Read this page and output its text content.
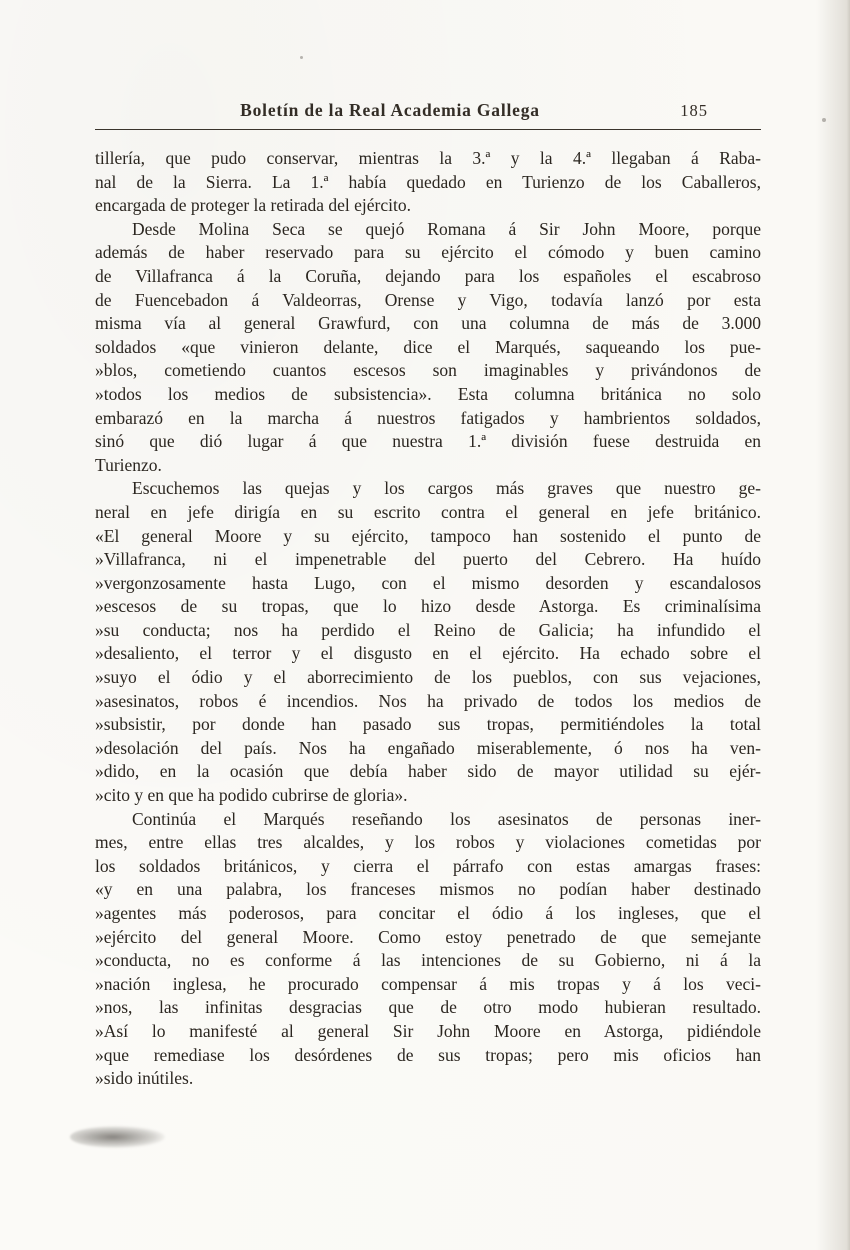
Boletín de la Real Academia Gallega	185
tillería, que pudo conservar, mientras la 3.ª y la 4.ª llegaban á Raba-
nal de la Sierra. La 1.ª había quedado en Turienzo de los Caballeros,
encargada de proteger la retirada del ejército.
Desde Molina Seca se quejó Romana á Sir John Moore, porque
además de haber reservado para su ejército el cómodo y buen camino
de Villafranca á la Coruña, dejando para los españoles el escabroso
de Fuencebadon á Valdeorras, Orense y Vigo, todavía lanzó por esta
misma vía al general Grawfurd, con una columna de más de 3.000
soldados «que vinieron delante, dice el Marqués, saqueando los pue-
»blos, cometiendo cuantos escesos son imaginables y privándonos de
»todos los medios de subsistencia». Esta columna británica no solo
embarazó en la marcha á nuestros fatigados y hambrientos soldados,
sinó que dió lugar á que nuestra 1.ª división fuese destruida en
Turienzo.
Escuchemos las quejas y los cargos más graves que nuestro ge-
neral en jefe dirigía en su escrito contra el general en jefe británico.
«El general Moore y su ejército, tampoco han sostenido el punto de
»Villafranca, ni el impenetrable del puerto del Cebrero. Ha huído
»vergonzosamente hasta Lugo, con el mismo desorden y escandalosos
»escesos de su tropas, que lo hizo desde Astorga. Es criminalísima
»su conducta; nos ha perdido el Reino de Galicia; ha infundido el
»desaliento, el terror y el disgusto en el ejército. Ha echado sobre el
»suyo el ódio y el aborrecimiento de los pueblos, con sus vejaciones,
»asesinatos, robos é incendios. Nos ha privado de todos los medios de
»subsistir, por donde han pasado sus tropas, permitiéndoles la total
»desolación del país. Nos ha engañado miserablemente, ó nos ha ven-
»dido, en la ocasión que debía haber sido de mayor utilidad su ejér-
»cito y en que ha podido cubrirse de gloria».
Continúa el Marqués reseñando los asesinatos de personas iner-
mes, entre ellas tres alcaldes, y los robos y violaciones cometidas por
los soldados británicos, y cierra el párrafo con estas amargas frases:
«y en una palabra, los franceses mismos no podían haber destinado
»agentes más poderosos, para concitar el ódio á los ingleses, que el
»ejército del general Moore. Como estoy penetrado de que semejante
»conducta, no es conforme á las intenciones de su Gobierno, ni á la
»nación inglesa, he procurado compensar á mis tropas y á los veci-
»nos, las infinitas desgracias que de otro modo hubieran resultado.
»Así lo manifesté al general Sir John Moore en Astorga, pidiéndole
»que remediase los desórdenes de sus tropas; pero mis oficios han
»sido inútiles.
